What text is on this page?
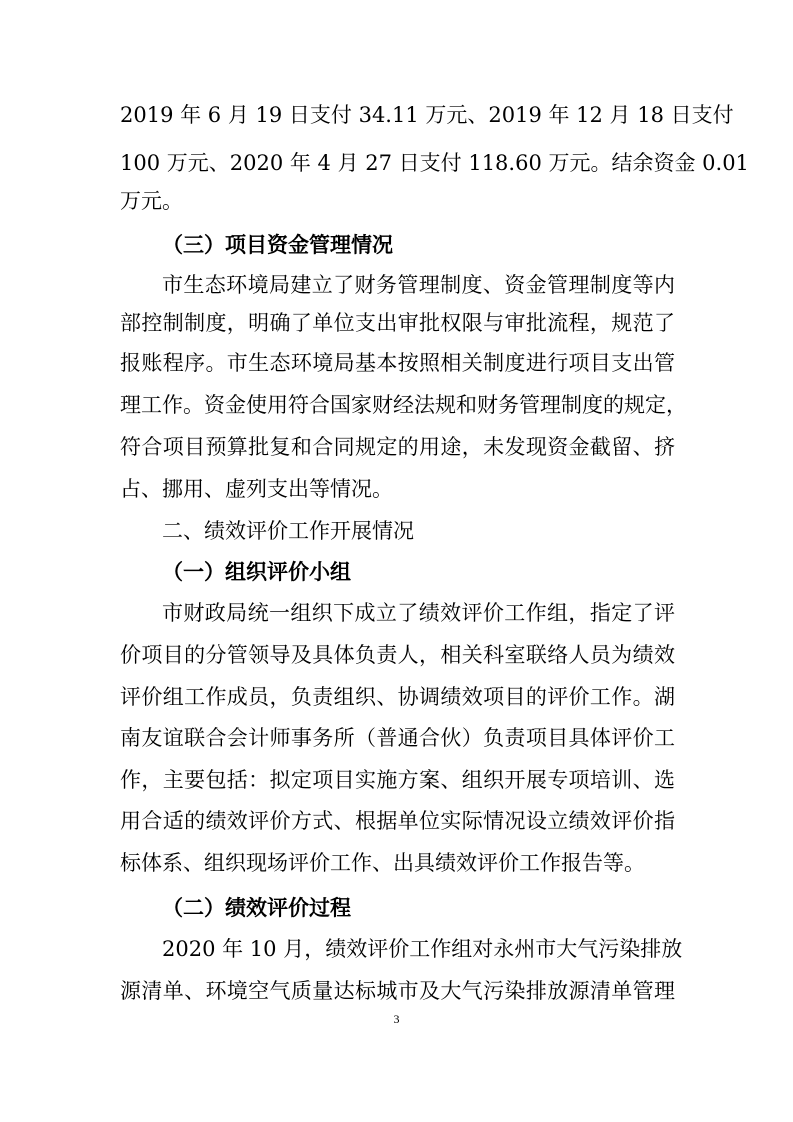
2019 年 6 月 19 日支付 34.11 万元、2019 年 12 月 18 日支付
100 万元、2020 年 4 月 27 日支付 118.60 万元。结余资金 0.01
万元。
（三）项目资金管理情况
市生态环境局建立了财务管理制度、资金管理制度等内
部控制制度，明确了单位支出审批权限与审批流程，规范了
报账程序。市生态环境局基本按照相关制度进行项目支出管
理工作。资金使用符合国家财经法规和财务管理制度的规定，
符合项目预算批复和合同规定的用途，未发现资金截留、挤
占、挪用、虚列支出等情况。
二、绩效评价工作开展情况
（一）组织评价小组
市财政局统一组织下成立了绩效评价工作组，指定了评
价项目的分管领导及具体负责人，相关科室联络人员为绩效
评价组工作成员，负责组织、协调绩效项目的评价工作。湖
南友谊联合会计师事务所（普通合伙）负责项目具体评价工
作，主要包括：拟定项目实施方案、组织开展专项培训、选
用合适的绩效评价方式、根据单位实际情况设立绩效评价指
标体系、组织现场评价工作、出具绩效评价工作报告等。
（二）绩效评价过程
2020 年 10 月，绩效评价工作组对永州市大气污染排放
源清单、环境空气质量达标城市及大气污染排放源清单管理
3
